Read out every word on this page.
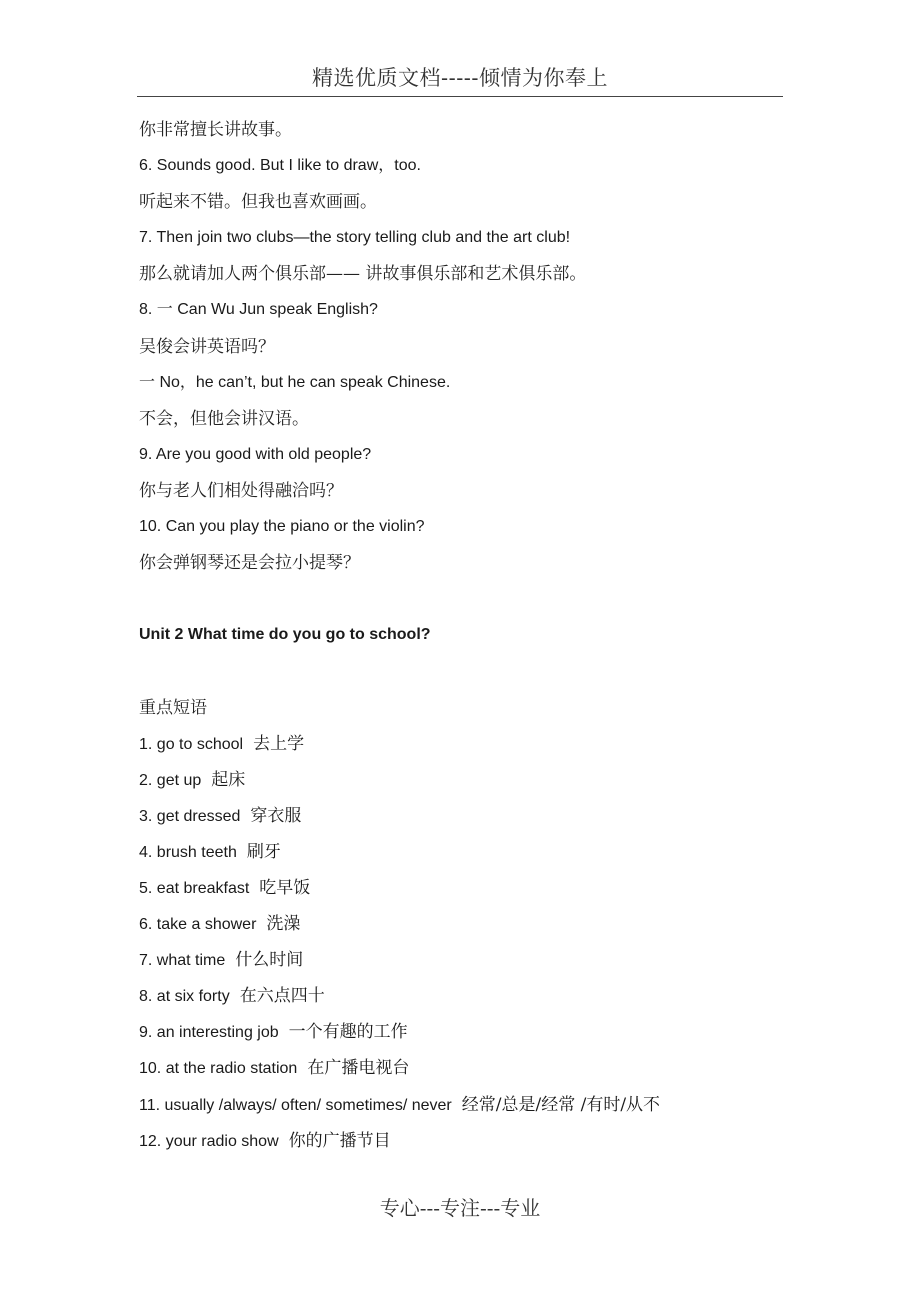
精选优质文档-----倾情为你奉上
你非常擅长讲故事。
6. Sounds good. But I like to draw，too.
听起来不错。但我也喜欢画画。
7. Then join two clubs—the story telling club and the art club!
那么就请加人两个俱乐部—— 讲故事俱乐部和艺术俱乐部。
8. 一 Can Wu Jun speak English?
吴俊会讲英语吗？
一 No，he can’t, but he can speak Chinese.
不会，但他会讲汉语。
9. Are you good with old people?
你与老人们相处得融洽吗？
10. Can you play the piano or the violin?
你会弹钢琴还是会拉小提琴？
Unit 2 What time do you go to school?
重点短语
1. go to school 去上学
2. get up 起床
3. get dressed 穿衣服
4. brush teeth 刷牙
5. eat breakfast 吃早饭
6. take a shower 洗澡
7. what time 什么时间
8. at six forty 在六点四十
9. an interesting job 一个有趣的工作
10. at the radio station 在广播电视台
11. usually /always/ often/ sometimes/ never 经常/总是/经常 /有时/从不
12. your radio show 你的广播节目
专心---专注---专业
